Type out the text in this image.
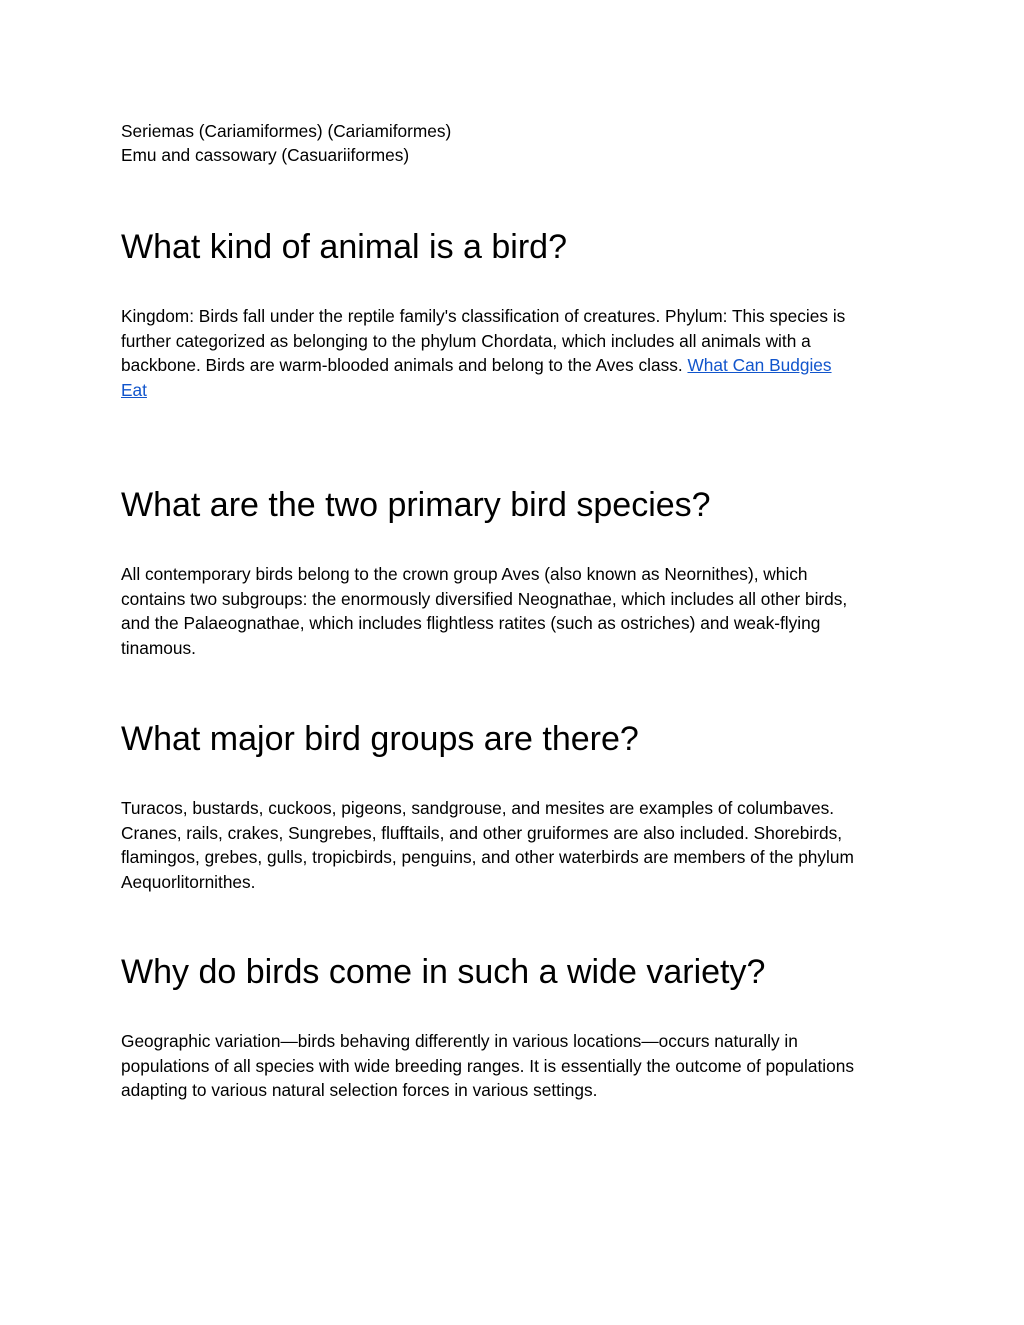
Seriemas (Cariamiformes) (Cariamiformes)

Emu and cassowary (Casuariiformes)

What kind of animal is a bird?
Kingdom: Birds fall under the reptile family's classification of creatures. Phylum: This species is
further categorized as belonging to the phylum Chordata, which includes all animals with a
backbone. Birds are warm-blooded animals and belong to the Aves class. What Can Budgies
Eat
What are the two primary bird species?
All contemporary birds belong to the crown group Aves (also known as Neornithes), which
contains two subgroups: the enormously diversified Neognathae, which includes all other birds,
and the Palaeognathae, which includes flightless ratites (such as ostriches) and weak-flying
tinamous.
What major bird groups are there?
Turacos, bustards, cuckoos, pigeons, sandgrouse, and mesites are examples of columbaves.
Cranes, rails, crakes, Sungrebes, flufftails, and other gruiformes are also included. Shorebirds,
flamingos, grebes, gulls, tropicbirds, penguins, and other waterbirds are members of the phylum
Aequorlitornithes.
Why do birds come in such a wide variety?
Geographic variation—birds behaving differently in various locations—occurs naturally in
populations of all species with wide breeding ranges. It is essentially the outcome of populations
adapting to various natural selection forces in various settings.
